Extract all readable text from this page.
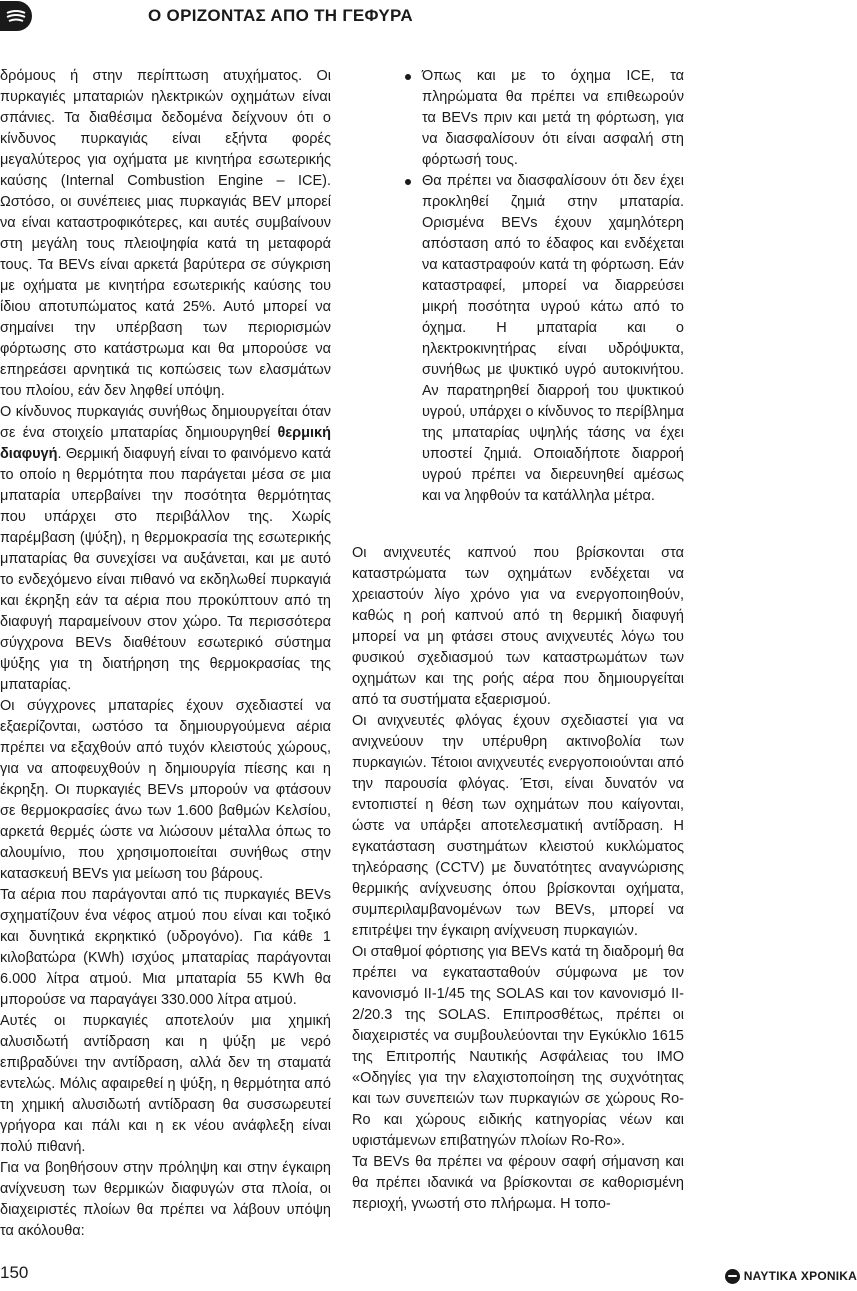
Ο ΟΡΙΖΟΝΤΑΣ ΑΠΟ ΤΗ ΓΕΦΥΡΑ

δρόμους ή στην περίπτωση ατυχήματος. Οι πυρκαγιές μπαταριών ηλεκτρικών οχημάτων είναι σπάνιες. Τα διαθέσιμα δεδομένα δείχνουν ότι ο κίνδυνος πυρκαγιάς είναι εξήντα φορές μεγαλύτερος για οχήματα με κινητήρα εσωτερικής καύσης (Internal Combustion Engine – ICE). Ωστόσο, οι συνέπειες μιας πυρκαγιάς BEV μπορεί να είναι καταστροφικότερες, και αυτές συμβαίνουν στη μεγάλη τους πλειοψηφία κατά τη μεταφορά τους. Τα BEVs είναι αρκετά βαρύτερα σε σύγκριση με οχήματα με κινητήρα εσωτερικής καύσης του ίδιου αποτυπώματος κατά 25%. Αυτό μπορεί να σημαίνει την υπέρβαση των περιορισμών φόρτωσης στο κατάστρωμα και θα μπορούσε να επηρεάσει αρνητικά τις κοπώσεις των ελασμάτων του πλοίου, εάν δεν ληφθεί υπόψη.

Ο κίνδυνος πυρκαγιάς συνήθως δημιουργείται όταν σε ένα στοιχείο μπαταρίας δημιουργηθεί θερμική διαφυγή. Θερμική διαφυγή είναι το φαινόμενο κατά το οποίο η θερμότητα που παράγεται μέσα σε μια μπαταρία υπερβαίνει την ποσότητα θερμότητας που υπάρχει στο περιβάλλον της. Χωρίς παρέμβαση (ψύξη), η θερμοκρασία της εσωτερικής μπαταρίας θα συνεχίσει να αυξάνεται, και με αυτό το ενδεχόμενο είναι πιθανό να εκδηλωθεί πυρκαγιά και έκρηξη εάν τα αέρια που προκύπτουν από τη διαφυγή παραμείνουν στον χώρο. Τα περισσότερα σύγχρονα BEVs διαθέτουν εσωτερικό σύστημα ψύξης για τη διατήρηση της θερμοκρασίας της μπαταρίας.

Οι σύγχρονες μπαταρίες έχουν σχεδιαστεί να εξαερίζονται, ωστόσο τα δημιουργούμενα αέρια πρέπει να εξαχθούν από τυχόν κλειστούς χώρους, για να αποφευχθούν η δημιουργία πίεσης και η έκρηξη. Οι πυρκαγιές BEVs μπορούν να φτάσουν σε θερμοκρασίες άνω των 1.600 βαθμών Κελσίου, αρκετά θερμές ώστε να λιώσουν μέταλλα όπως το αλουμίνιο, που χρησιμοποιείται συνήθως στην κατασκευή BEVs για μείωση του βάρους.

Τα αέρια που παράγονται από τις πυρκαγιές BEVs σχηματίζουν ένα νέφος ατμού που είναι και τοξικό και δυνητικά εκρηκτικό (υδρογόνο). Για κάθε 1 κιλοβατώρα (KWh) ισχύος μπαταρίας παράγονται 6.000 λίτρα ατμού. Μια μπαταρία 55 KWh θα μπορούσε να παραγάγει 330.000 λίτρα ατμού.

Αυτές οι πυρκαγιές αποτελούν μια χημική αλυσιδωτή αντίδραση και η ψύξη με νερό επιβραδύνει την αντίδραση, αλλά δεν τη σταματά εντελώς. Μόλις αφαιρεθεί η ψύξη, η θερμότητα από τη χημική αλυσιδωτή αντίδραση θα συσσωρευτεί γρήγορα και πάλι και η εκ νέου ανάφλεξη είναι πολύ πιθανή.

Για να βοηθήσουν στην πρόληψη και στην έγκαιρη ανίχνευση των θερμικών διαφυγών στα πλοία, οι διαχειριστές πλοίων θα πρέπει να λάβουν υπόψη τα ακόλουθα:

Όπως και με το όχημα ICE, τα πληρώματα θα πρέπει να επιθεωρούν τα BEVs πριν και μετά τη φόρτωση, για να διασφαλίσουν ότι είναι ασφαλή στη φόρτωσή τους.
Θα πρέπει να διασφαλίσουν ότι δεν έχει προκληθεί ζημιά στην μπαταρία. Ορισμένα BEVs έχουν χαμηλότερη απόσταση από το έδαφος και ενδέχεται να καταστραφούν κατά τη φόρτωση. Εάν καταστραφεί, μπορεί να διαρρεύσει μικρή ποσότητα υγρού κάτω από το όχημα. Η μπαταρία και ο ηλεκτροκινητήρας είναι υδρόψυκτα, συνήθως με ψυκτικό υγρό αυτοκινήτου. Αν παρατηρηθεί διαρροή του ψυκτικού υγρού, υπάρχει ο κίνδυνος το περίβλημα της μπαταρίας υψηλής τάσης να έχει υποστεί ζημιά. Οποιαδήποτε διαρροή υγρού πρέπει να διερευνηθεί αμέσως και να ληφθούν τα κατάλληλα μέτρα.

Οι ανιχνευτές καπνού που βρίσκονται στα καταστρώματα των οχημάτων ενδέχεται να χρειαστούν λίγο χρόνο για να ενεργοποιηθούν, καθώς η ροή καπνού από τη θερμική διαφυγή μπορεί να μη φτάσει στους ανιχνευτές λόγω του φυσικού σχεδιασμού των καταστρωμάτων των οχημάτων και της ροής αέρα που δημιουργείται από τα συστήματα εξαερισμού.

Οι ανιχνευτές φλόγας έχουν σχεδιαστεί για να ανιχνεύουν την υπέρυθρη ακτινοβολία των πυρκαγιών. Τέτοιοι ανιχνευτές ενεργοποιούνται από την παρουσία φλόγας. Έτσι, είναι δυνατόν να εντοπιστεί η θέση των οχημάτων που καίγονται, ώστε να υπάρξει αποτελεσματική αντίδραση. Η εγκατάσταση συστημάτων κλειστού κυκλώματος τηλεόρασης (CCTV) με δυνατότητες αναγνώρισης θερμικής ανίχνευσης όπου βρίσκονται οχήματα, συμπεριλαμβανομένων των BEVs, μπορεί να επιτρέψει την έγκαιρη ανίχνευση πυρκαγιών.

Οι σταθμοί φόρτισης για BEVs κατά τη διαδρομή θα πρέπει να εγκατασταθούν σύμφωνα με τον κανονισμό II-1/45 της SOLAS και τον κανονισμό II-2/20.3 της SOLAS. Επιπροσθέτως, πρέπει οι διαχειριστές να συμβουλεύονται την Εγκύκλιο 1615 της Επιτροπής Ναυτικής Ασφάλειας του IMO «Οδηγίες για την ελαχιστοποίηση της συχνότητας και των συνεπειών των πυρκαγιών σε χώρους Ro-Ro και χώρους ειδικής κατηγορίας νέων και υφιστάμενων επιβατηγών πλοίων Ro-Ro».

Τα BEVs θα πρέπει να φέρουν σαφή σήμανση και θα πρέπει ιδανικά να βρίσκονται σε καθορισμένη περιοχή, γνωστή στο πλήρωμα. Η τοπο-

150	ΝΑΥΤΙΚΑ ΧΡΟΝΙΚΑ
